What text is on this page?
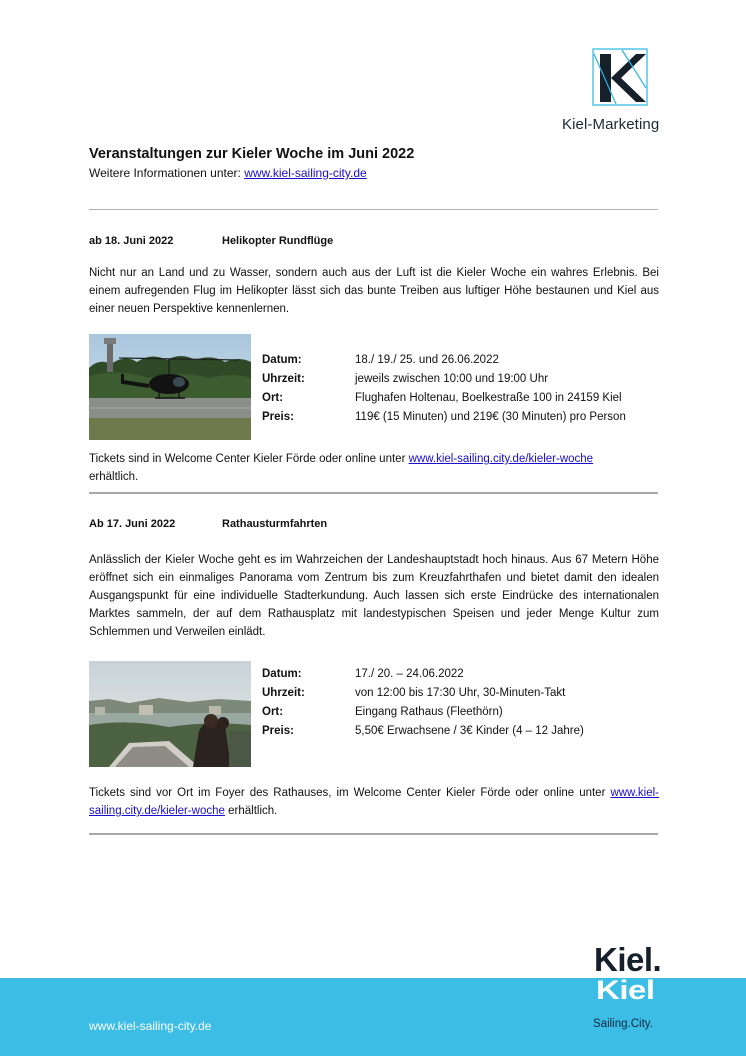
Kiel-Marketing
Veranstaltungen zur Kieler Woche im Juni 2022
Weitere Informationen unter: www.kiel-sailing-city.de
ab 18. Juni 2022	Helikopter Rundflüge
Nicht nur an Land und zu Wasser, sondern auch aus der Luft ist die Kieler Woche ein wahres Erlebnis. Bei einem aufregenden Flug im Helikopter lässt sich das bunte Treiben aus luftiger Höhe bestaunen und Kiel aus einer neuen Perspektive kennenlernen.
Datum:	18./ 19./ 25. und 26.06.2022
Uhrzeit:	jeweils zwischen 10:00 und 19:00 Uhr
Ort:	Flughafen Holtenau, Boelkestraße 100 in 24159 Kiel
Preis:	119€ (15 Minuten) und 219€ (30 Minuten) pro Person
Tickets sind in Welcome Center Kieler Förde oder online unter www.kiel-sailing.city.de/kieler-woche
erhältlich.
Ab 17. Juni 2022	Rathausturmfahrten
Anlässlich der Kieler Woche geht es im Wahrzeichen der Landeshauptstadt hoch hinaus. Aus 67 Metern Höhe eröffnet sich ein einmaliges Panorama vom Zentrum bis zum Kreuzfahrthafen und bietet damit den idealen Ausgangspunkt für eine individuelle Stadterkundung. Auch lassen sich erste Eindrücke des internationalen Marktes sammeln, der auf dem Rathausplatz mit landestypischen Speisen und jeder Menge Kultur zum Schlemmen und Verweilen einlädt.
Datum:	17./ 20. – 24.06.2022
Uhrzeit:	von 12:00 bis 17:30 Uhr, 30-Minuten-Takt
Ort:	Eingang Rathaus (Fleethörn)
Preis:	5,50€ Erwachsene / 3€ Kinder (4 – 12 Jahre)
Tickets sind vor Ort im Foyer des Rathauses, im Welcome Center Kieler Förde oder online unter www.kiel-sailing.city.de/kieler-woche erhältlich.
www.kiel-sailing-city.de	Sailing.City.
Kiel.
Kiel
